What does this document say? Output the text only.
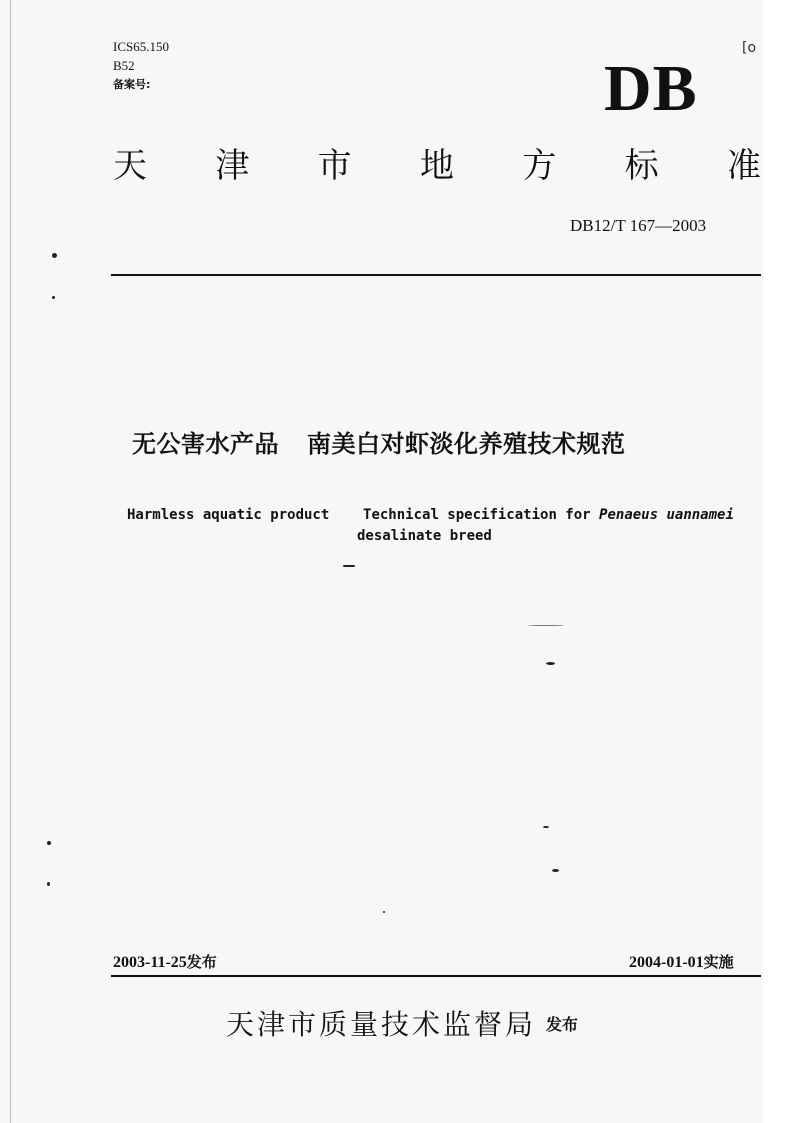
ICS65.150
B52
备案号:
[o
DB
天 津 市 地 方 标 准
DB12/T 167—2003
无公害水产品 南美白对虾淡化养殖技术规范
Harmless aquatic product Technical specification for Penaeus uannamei
desalinate breed
2003-11-25发布	2004-01-01实施
天津市质量技术监督局 发布
